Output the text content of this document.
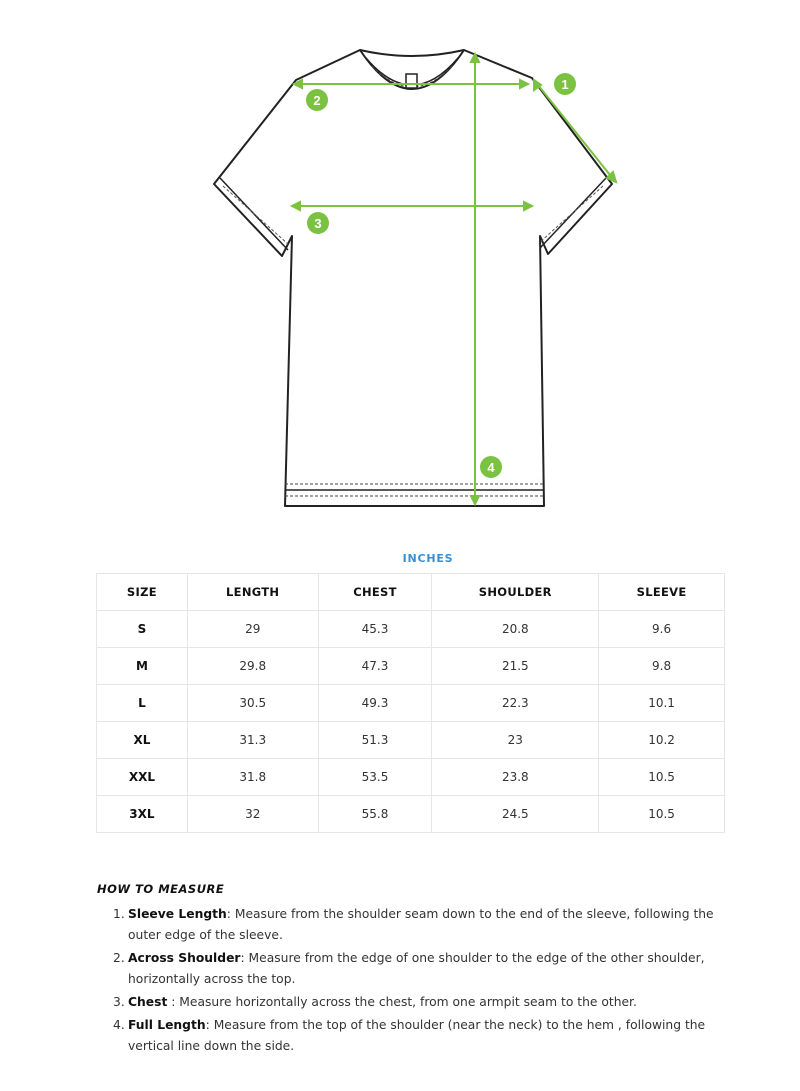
1
2
3
4
INCHES
SIZE	LENGTH	CHEST	SHOULDER	SLEEVE
S	29	45.3	20.8	9.6
M	29.8	47.3	21.5	9.8
L	30.5	49.3	22.3	10.1
XL	31.3	51.3	23	10.2
XXL	31.8	53.5	23.8	10.5
3XL	32	55.8	24.5	10.5
HOW TO MEASURE
1. Sleeve Length: Measure from the shoulder seam down to the end of the sleeve, following the outer edge of the sleeve.
2. Across Shoulder: Measure from the edge of one shoulder to the edge of the other shoulder, horizontally across the top.
3. Chest : Measure horizontally across the chest, from one armpit seam to the other.
4. Full Length: Measure from the top of the shoulder (near the neck) to the hem , following the vertical line down the side.
